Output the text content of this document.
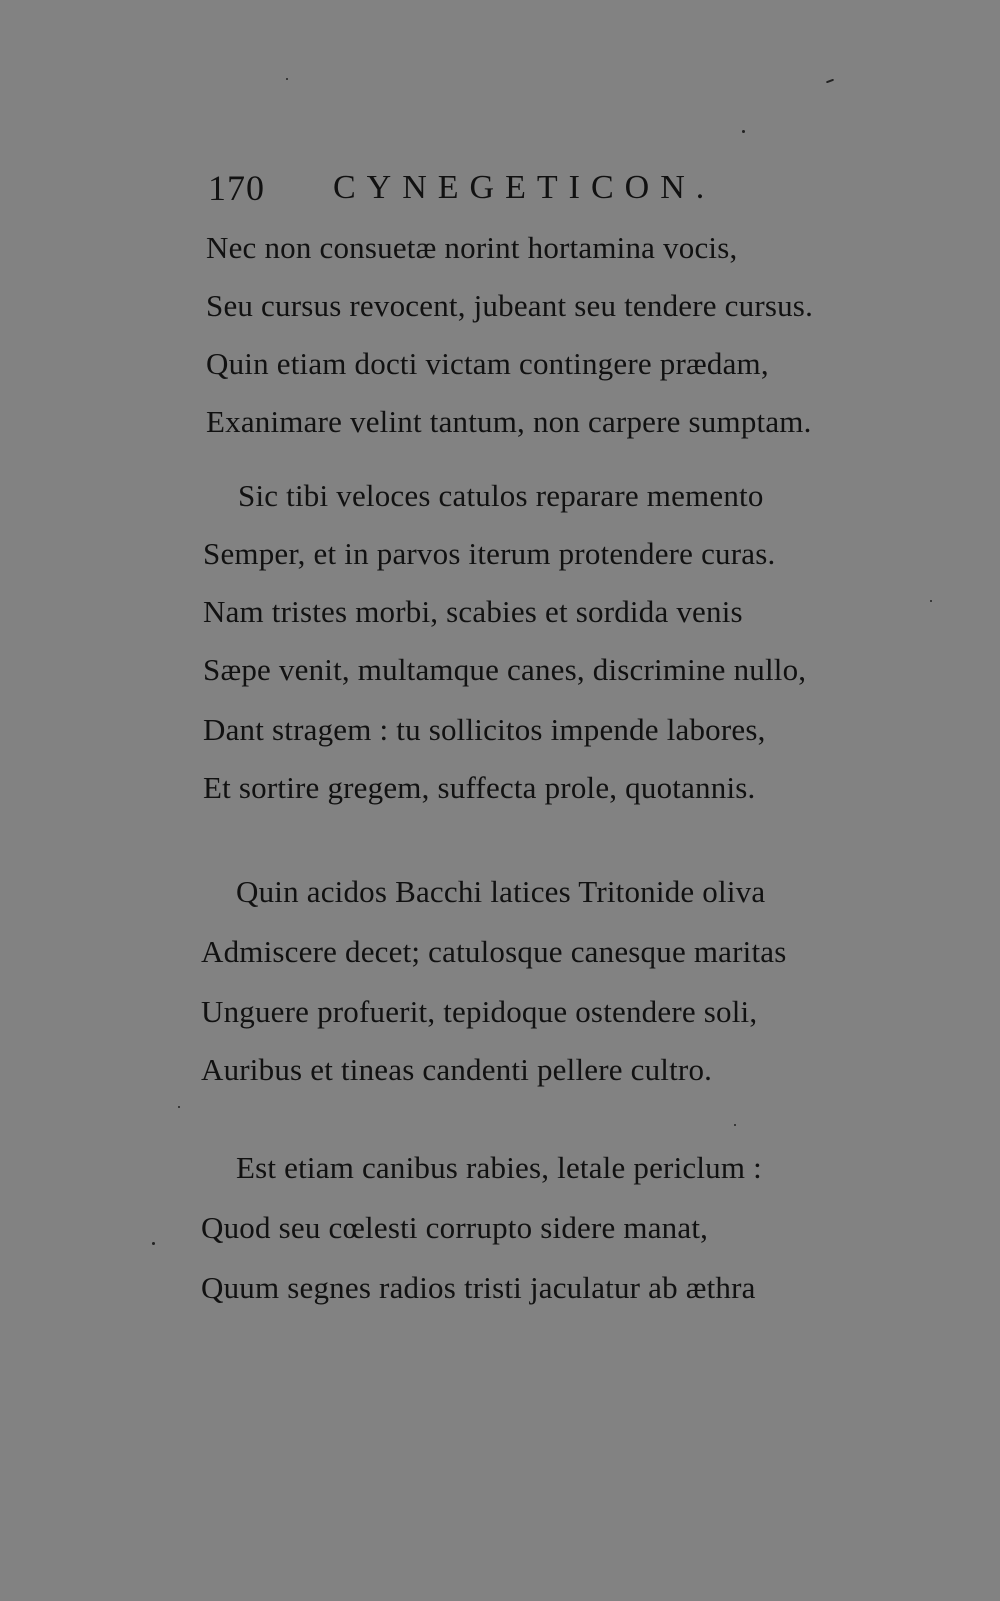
170 CYNEGETICON.
Nec non consuetæ norint hortamina vocis,
Seu cursus revocent, jubeant seu tendere cursus.
Quin etiam docti victam contingere prædam,
Exanimare velint tantum, non carpere sumptam.
Sic tibi veloces catulos reparare memento
Semper, et in parvos iterum protendere curas.
Nam tristes morbi, scabies et sordida venis
Sæpe venit, multamque canes, discrimine nullo,
Dant stragem : tu sollicitos impende labores,
Et sortire gregem, suffecta prole, quotannis.
Quin acidos Bacchi latices Tritonide oliva
Admiscere decet; catulosque canesque maritas
Unguere profuerit, tepidoque ostendere soli,
Auribus et tineas candenti pellere cultro.
Est etiam canibus rabies, letale periclum :
Quod seu cœlesti corrupto sidere manat,
Quum segnes radios tristi jaculatur ab æthra
